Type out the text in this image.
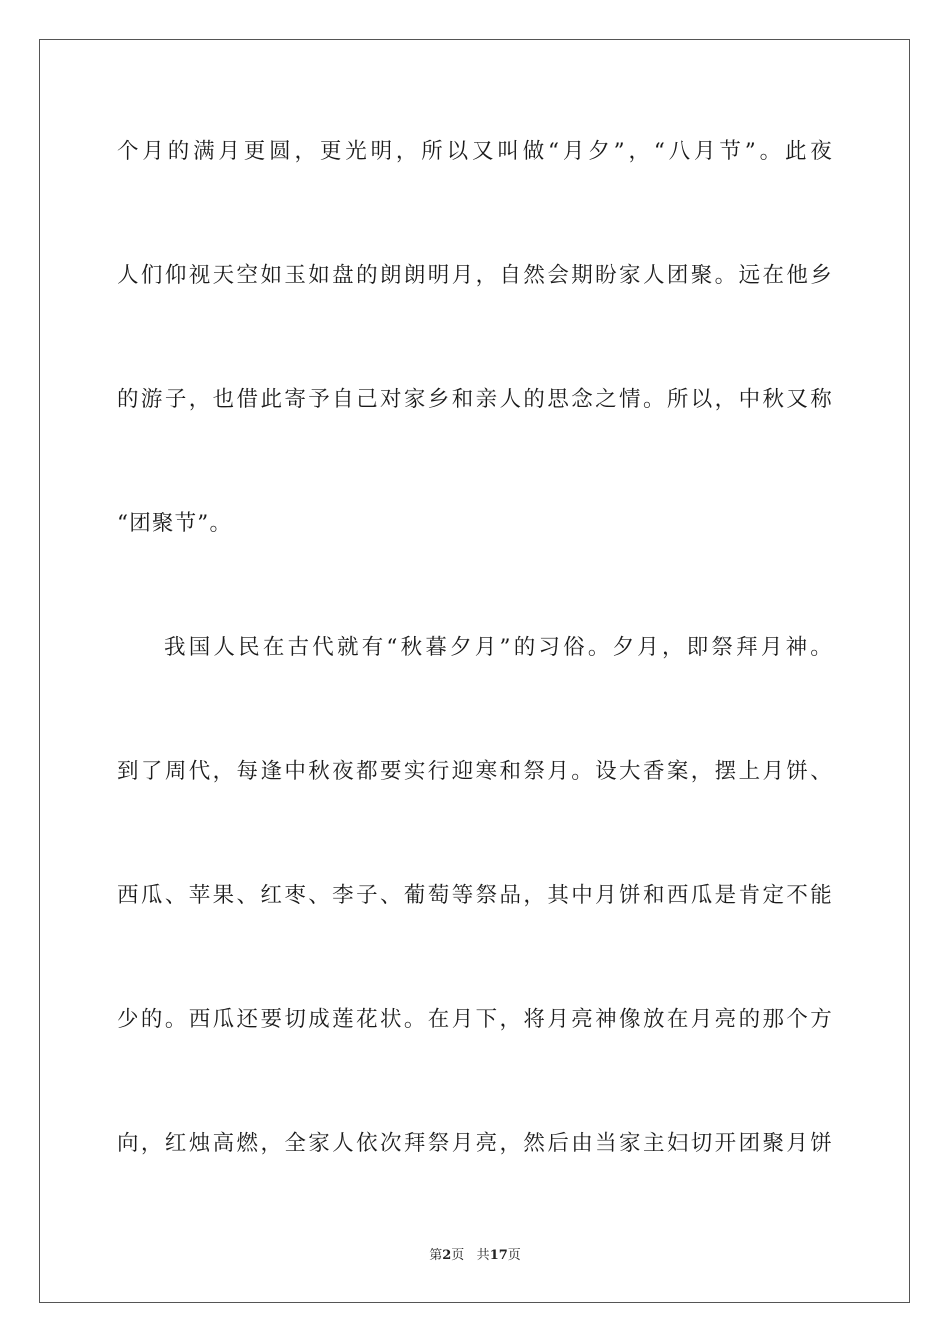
个月的满月更圆，更光明，所以又叫做“月夕”，“八月节”。此夜
人们仰视天空如玉如盘的朗朗明月，自然会期盼家人团聚。远在他乡
的游子，也借此寄予自己对家乡和亲人的思念之情。所以，中秋又称
“团聚节”。
我国人民在古代就有“秋暮夕月”的习俗。夕月，即祭拜月神。
到了周代，每逢中秋夜都要实行迎寒和祭月。设大香案，摆上月饼、
西瓜、苹果、红枣、李子、葡萄等祭品，其中月饼和西瓜是肯定不能
少的。西瓜还要切成莲花状。在月下，将月亮神像放在月亮的那个方
向，红烛高燃，全家人依次拜祭月亮，然后由当家主妇切开团聚月饼
第2页 共17页
